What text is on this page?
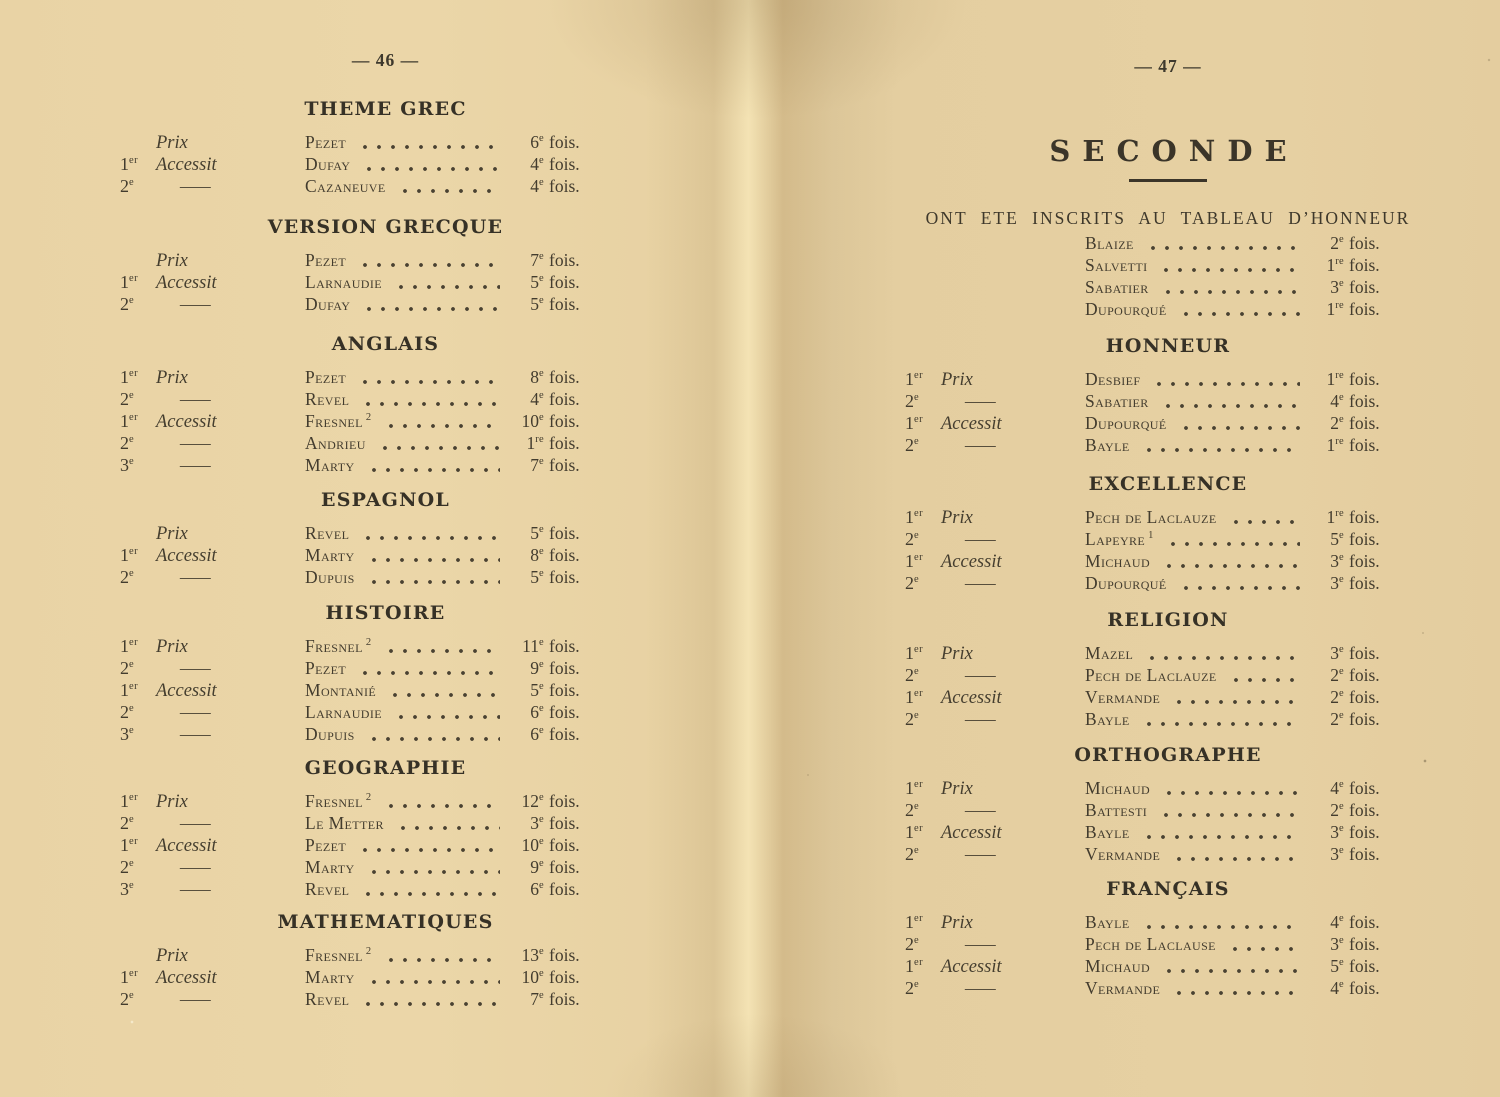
— 46 —
THEME GREC
Prix	Pezet	6e fois.
1er Accessit	Dufay	4e fois.
2e	—	Cazaneuve	4e fois.
VERSION GRECQUE
Prix	Pezet	7e fois.
1er Accessit	Larnaudie	5e fois.
2e	—	Dufay	5e fois.
ANGLAIS
1er Prix	Pezet	8e fois.
2e	—	Revel	4e fois.
1er Accessit	Fresnel $^2$	10e fois.
2e	—	Andrieu	1re fois.
3e	—	Marty	7e fois.
ESPAGNOL
Prix	Revel	5e fois.
1er Accessit	Marty	8e fois.
2e	—	Dupuis	5e fois.
HISTOIRE
1er Prix	Fresnel $^2$	11e fois.
2e	—	Pezet	9e fois.
1er Accessit	Montanié	5e fois.
2e	—	Larnaudie	6e fois.
3e	—	Dupuis	6e fois.
GEOGRAPHIE
1er Prix	Fresnel $^2$	12e fois.
2e	—	Le Metter	3e fois.
1er Accessit	Pezet	10e fois.
2e	—	Marty	9e fois.
3e	—	Revel	6e fois.
MATHEMATIQUES
Prix	Fresnel $^2$	13e fois.
1er Accessit	Marty	10e fois.
2e	—	Revel	7e fois.
— 47 —
SECONDE
ONT ETE INSCRITS AU TABLEAU D’HONNEUR
Blaize	2e fois.
Salvetti	1re fois.
Sabatier	3e fois.
Dupourqué	1re fois.
HONNEUR
1er Prix	Desbief	1re fois.
2e	—	Sabatier	4e fois.
1er Accessit	Dupourqué	2e fois.
2e	—	Bayle	1re fois.
EXCELLENCE
1er Prix	Pech de Laclauze	1re fois.
2e	—	Lapeyre $^1$	5e fois.
1er Accessit	Michaud	3e fois.
2e	—	Dupourqué	3e fois.
RELIGION
1er Prix	Mazel	3e fois.
2e	—	Pech de Laclauze	2e fois.
1er Accessit	Vermande	2e fois.
2e	—	Bayle	2e fois.
ORTHOGRAPHE
1er Prix	Michaud	4e fois.
2e	—	Battesti	2e fois.
1er Accessit	Bayle	3e fois.
2e	—	Vermande	3e fois.
FRANÇAIS
1er Prix	Bayle	4e fois.
2e	—	Pech de Laclause	3e fois.
1er Accessit	Michaud	5e fois.
2e	—	Vermande	4e fois.
